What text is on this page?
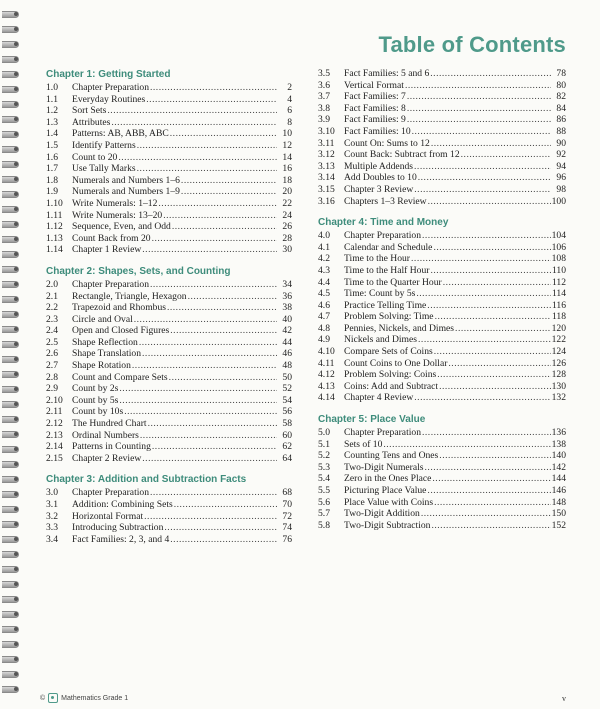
Table of Contents
Chapter 1: Getting Started
1.0	Chapter Preparation .....	2
1.1	Everyday Routines .....	4
1.2	Sort Sets .....	6
1.3	Attributes .....	8
1.4	Patterns: AB, ABB, ABC .....	10
1.5	Identify Patterns .....	12
1.6	Count to 20 .....	14
1.7	Use Tally Marks .....	16
1.8	Numerals and Numbers 1–6 .....	18
1.9	Numerals and Numbers 1–9 .....	20
1.10 Write Numerals: 1–12 .....	22
1.11 Write Numerals: 13–20 .....	24
1.12 Sequence, Even, and Odd .....	26
1.13 Count Back from 20 .....	28
1.14 Chapter 1 Review .....	30
Chapter 2: Shapes, Sets, and Counting
2.0	Chapter Preparation .....	34
2.1	Rectangle, Triangle, Hexagon .....	36
2.2	Trapezoid and Rhombus .....	38
2.3	Circle and Oval .....	40
2.4	Open and Closed Figures .....	42
2.5	Shape Reflection .....	44
2.6	Shape Translation .....	46
2.7	Shape Rotation .....	48
2.8	Count and Compare Sets .....	50
2.9	Count by 2s .....	52
2.10 Count by 5s .....	54
2.11 Count by 10s .....	56
2.12 The Hundred Chart .....	58
2.13 Ordinal Numbers .....	60
2.14 Patterns in Counting .....	62
2.15 Chapter 2 Review .....	64
Chapter 3: Addition and Subtraction Facts
3.0	Chapter Preparation .....	68
3.1	Addition: Combining Sets .....	70
3.2	Horizontal Format .....	72
3.3	Introducing Subtraction .....	74
3.4	Fact Families: 2, 3, and 4 .....	76
3.5	Fact Families: 5 and 6 .....	78
3.6	Vertical Format .....	80
3.7	Fact Families: 7 .....	82
3.8	Fact Families: 8 .....	84
3.9	Fact Families: 9 .....	86
3.10 Fact Families: 10 .....	88
3.11 Count On: Sums to 12 .....	90
3.12 Count Back: Subtract from 12 .....	92
3.13 Multiple Addends .....	94
3.14 Add Doubles to 10 .....	96
3.15 Chapter 3 Review .....	98
3.16 Chapters 1–3 Review .....	100
Chapter 4: Time and Money
4.0	Chapter Preparation .....	104
4.1	Calendar and Schedule .....	106
4.2	Time to the Hour .....	108
4.3	Time to the Half Hour .....	110
4.4	Time to the Quarter Hour .....	112
4.5	Time: Count by 5s .....	114
4.6	Practice Telling Time .....	116
4.7	Problem Solving: Time .....	118
4.8	Pennies, Nickels, and Dimes .....	120
4.9	Nickels and Dimes .....	122
4.10 Compare Sets of Coins .....	124
4.11 Count Coins to One Dollar .....	126
4.12 Problem Solving: Coins .....	128
4.13 Coins: Add and Subtract .....	130
4.14 Chapter 4 Review .....	132
Chapter 5: Place Value
5.0	Chapter Preparation .....	136
5.1	Sets of 10 .....	138
5.2	Counting Tens and Ones .....	140
5.3	Two-Digit Numerals .....	142
5.4	Zero in the Ones Place .....	144
5.5	Picturing Place Value .....	146
5.6	Place Value with Coins .....	148
5.7	Two-Digit Addition .....	150
5.8	Two-Digit Subtraction .....	152
© Mathematics Grade 1	v
